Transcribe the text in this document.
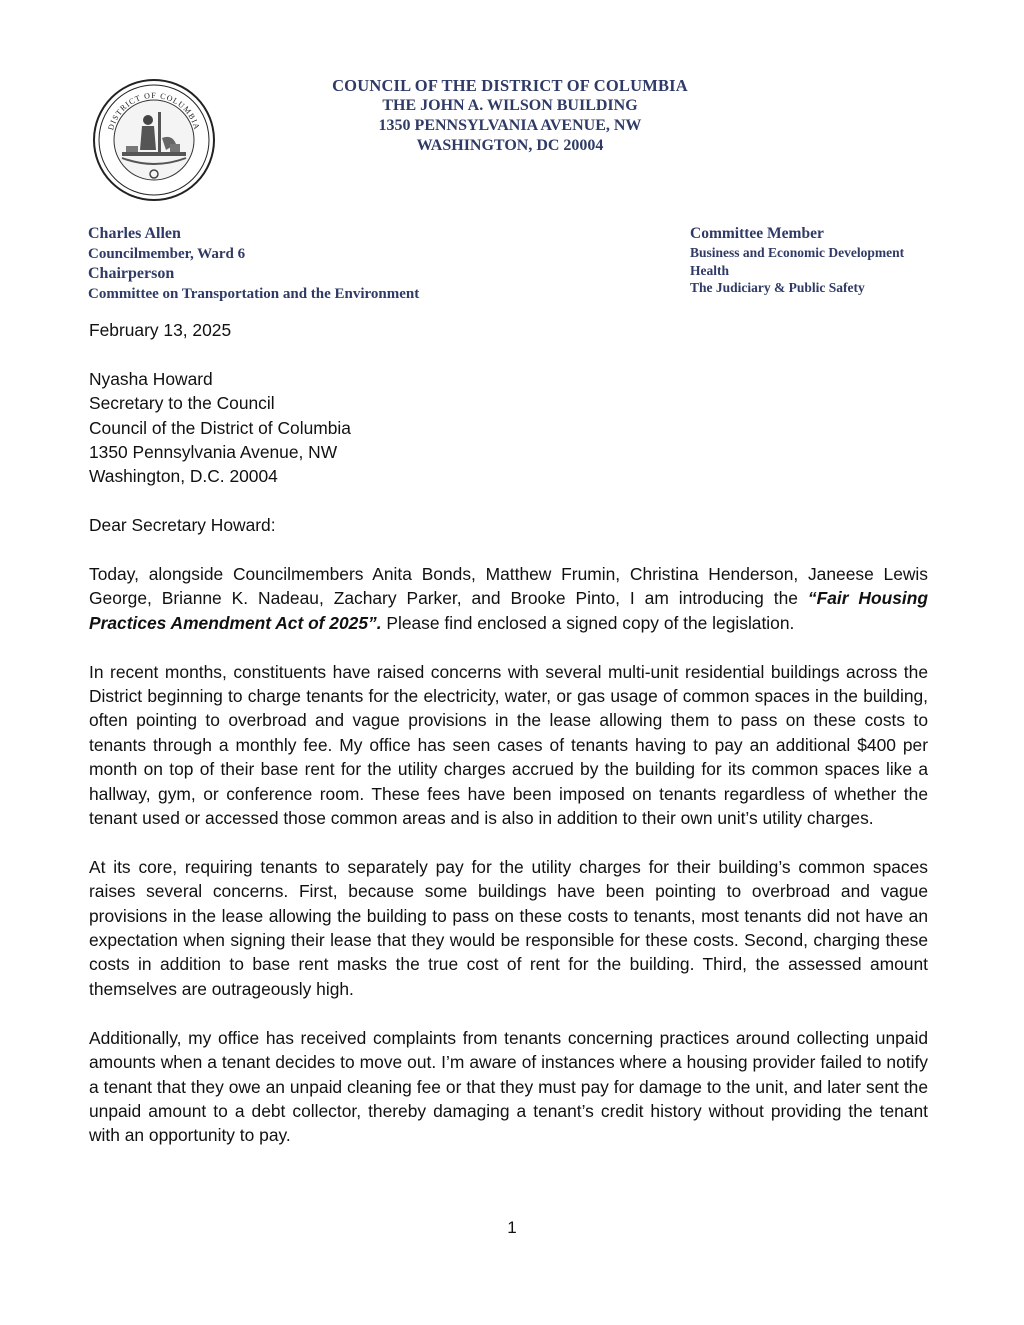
DISTRICT OF COLUMBIA
COUNCIL OF THE DISTRICT OF COLUMBIA
THE JOHN A. WILSON BUILDING
1350 PENNSYLVANIA AVENUE, NW
WASHINGTON, DC 20004
Charles Allen
Councilmember, Ward 6
Chairperson
Committee on Transportation and the Environment
Committee Member
Business and Economic Development
Health
The Judiciary & Public Safety

February 13, 2025

Nyasha Howard
Secretary to the Council
Council of the District of Columbia
1350 Pennsylvania Avenue, NW
Washington, D.C. 20004

Dear Secretary Howard:

Today, alongside Councilmembers Anita Bonds, Matthew Frumin, Christina Henderson, Janeese Lewis George, Brianne K. Nadeau, Zachary Parker, and Brooke Pinto, I am introducing the “Fair Housing Practices Amendment Act of 2025”. Please find enclosed a signed copy of the legislation.

In recent months, constituents have raised concerns with several multi-unit residential buildings across the District beginning to charge tenants for the electricity, water, or gas usage of common spaces in the building, often pointing to overbroad and vague provisions in the lease allowing them to pass on these costs to tenants through a monthly fee. My office has seen cases of tenants having to pay an additional $400 per month on top of their base rent for the utility charges accrued by the building for its common spaces like a hallway, gym, or conference room. These fees have been imposed on tenants regardless of whether the tenant used or accessed those common areas and is also in addition to their own unit’s utility charges.

At its core, requiring tenants to separately pay for the utility charges for their building’s common spaces raises several concerns. First, because some buildings have been pointing to overbroad and vague provisions in the lease allowing the building to pass on these costs to tenants, most tenants did not have an expectation when signing their lease that they would be responsible for these costs. Second, charging these costs in addition to base rent masks the true cost of rent for the building. Third, the assessed amount themselves are outrageously high.

Additionally, my office has received complaints from tenants concerning practices around collecting unpaid amounts when a tenant decides to move out. I’m aware of instances where a housing provider failed to notify a tenant that they owe an unpaid cleaning fee or that they must pay for damage to the unit, and later sent the unpaid amount to a debt collector, thereby damaging a tenant’s credit history without providing the tenant with an opportunity to pay.

1
